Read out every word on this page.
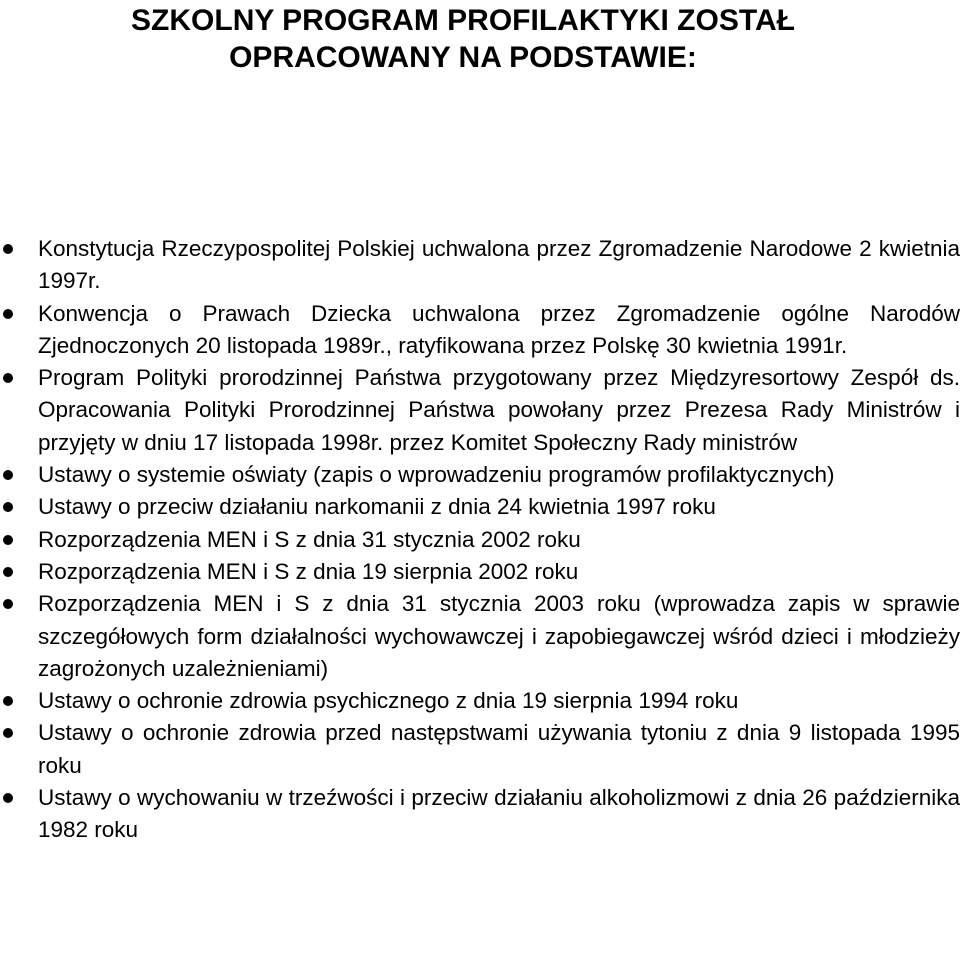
SZKOLNY PROGRAM PROFILAKTYKI ZOSTAŁ
OPRACOWANY NA PODSTAWIE:
Konstytucja Rzeczypospolitej Polskiej uchwalona przez Zgromadzenie Narodowe 2 kwietnia 1997r.
Konwencja o Prawach Dziecka uchwalona przez Zgromadzenie ogólne Narodów Zjednoczonych 20 listopada 1989r., ratyfikowana przez Polskę 30 kwietnia 1991r.
Program Polityki prorodzinnej Państwa przygotowany przez Międzyresortowy Zespół ds. Opracowania Polityki Prorodzinnej Państwa powołany przez Prezesa Rady Ministrów i przyjęty w dniu 17 listopada 1998r. przez Komitet Społeczny Rady ministrów
Ustawy o systemie oświaty (zapis o wprowadzeniu programów profilaktycznych)
Ustawy o przeciw działaniu narkomanii z dnia 24 kwietnia 1997 roku
Rozporządzenia MEN i S z dnia 31 stycznia 2002 roku
Rozporządzenia MEN i S z dnia 19 sierpnia 2002 roku
Rozporządzenia MEN i S z dnia 31 stycznia 2003 roku (wprowadza zapis w sprawie szczegółowych form działalności wychowawczej i zapobiegawczej wśród dzieci i młodzieży zagrożonych uzależnieniami)
Ustawy o ochronie zdrowia psychicznego z dnia 19 sierpnia 1994 roku
Ustawy o ochronie zdrowia przed następstwami używania tytoniu z dnia 9 listopada 1995 roku
Ustawy o wychowaniu w trzeźwości i przeciw działaniu alkoholizmowi z dnia 26 października 1982 roku
